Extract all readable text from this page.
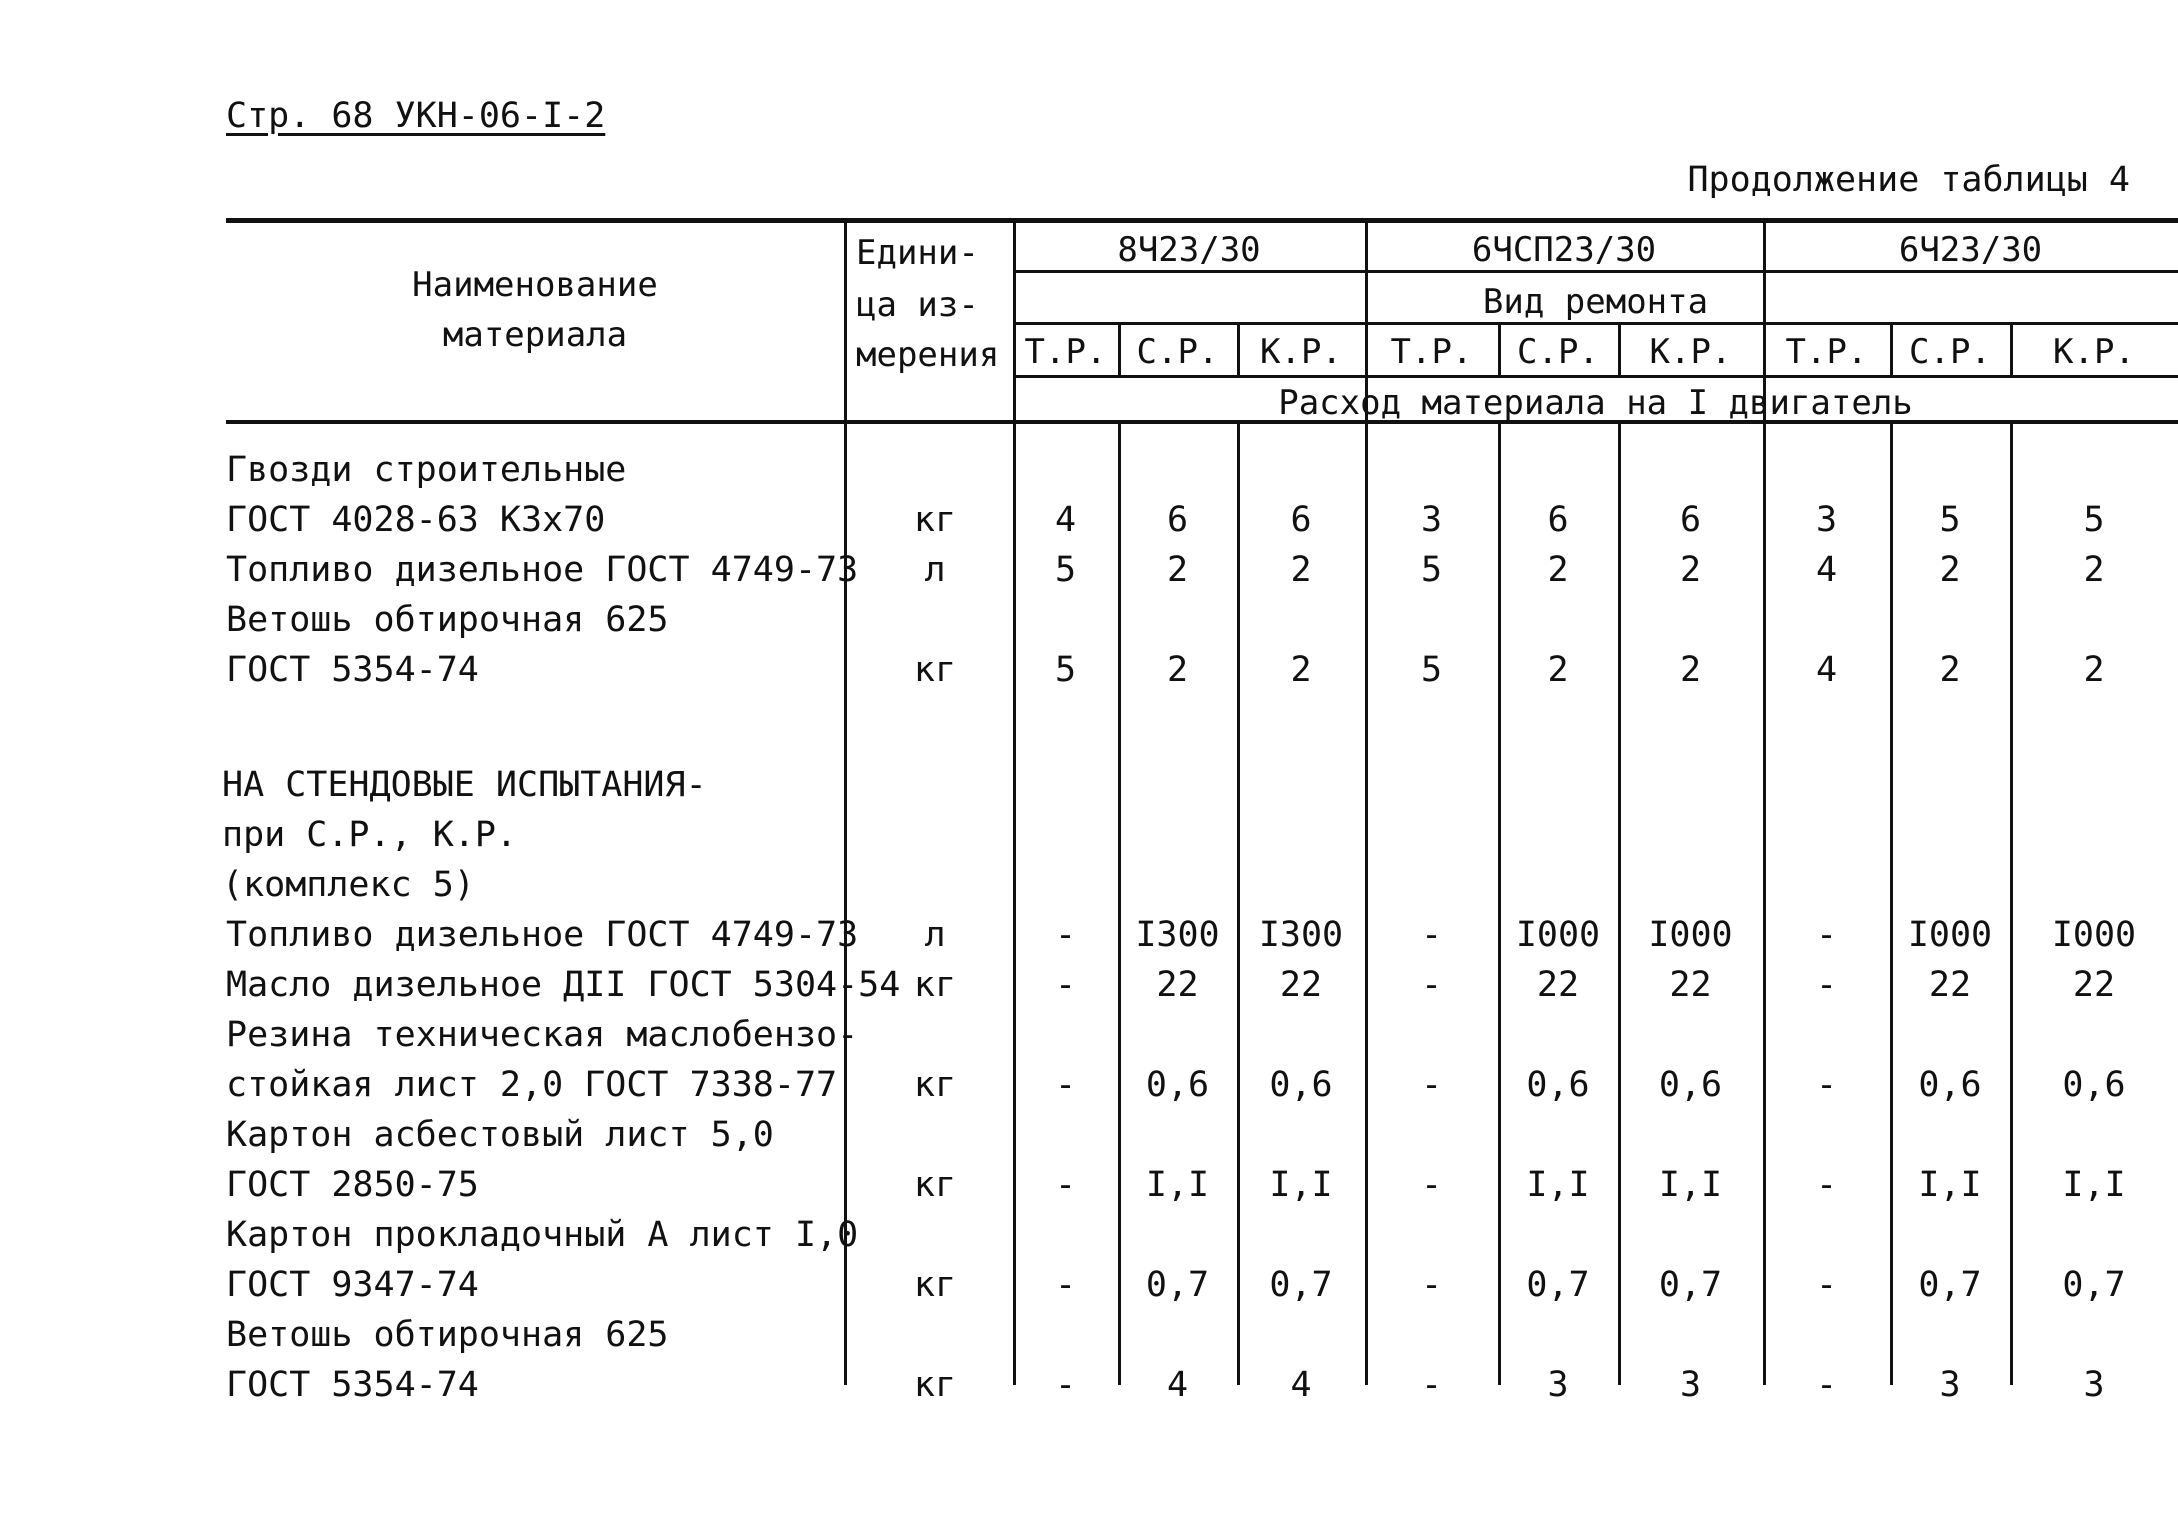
Стр. 68 УКН-06-I-2
Продолжение таблицы 4
Наименование
материала
Едини-
ца из-
мерения
8Ч23/30	6ЧСП23/30	6Ч23/30
Вид ремонта
Расход материала на I двигатель
Т.Р. С.Р.	К.Р.	Т.Р.	С.Р.	К.Р.	Т.Р.	С.Р.	К.Р.
Гвозди строительные
ГОСТ 4028-63 К3х70	кг	4	6	6	3	6	6	3	5	5
Топливо дизельное ГОСТ 4749-73	л	5	2	2	5	2	2	4	2	2
Ветошь обтирочная 625
ГОСТ 5354-74	кг	5	2	2	5	2	2	4	2	2
НА СТЕНДОВЫЕ ИСПЫТАНИЯ-
при С.Р., К.Р.
(комплекс 5)
Топливо дизельное ГОСТ 4749-73	л	-	I300	I300	-	I000	I000	-	I000	I000
Масло дизельное ДII ГОСТ 5304-54 кг	-	22	22	-	22	22	-	22	22
Резина техническая маслобензо-
стойкая лист 2,0 ГОСТ 7338-77	кг	-	0,6	0,6	-	0,6	0,6	-	0,6	0,6
Картон асбестовый лист 5,0
ГОСТ 2850-75	кг	-	I,I	I,I	-	I,I	I,I	-	I,I	I,I
Картон прокладочный А лист I,0
ГОСТ 9347-74	кг	-	0,7	0,7	-	0,7	0,7	-	0,7	0,7
Ветошь обтирочная 625
ГОСТ 5354-74	кг	-	4	4	-	3	3	-	3	3
